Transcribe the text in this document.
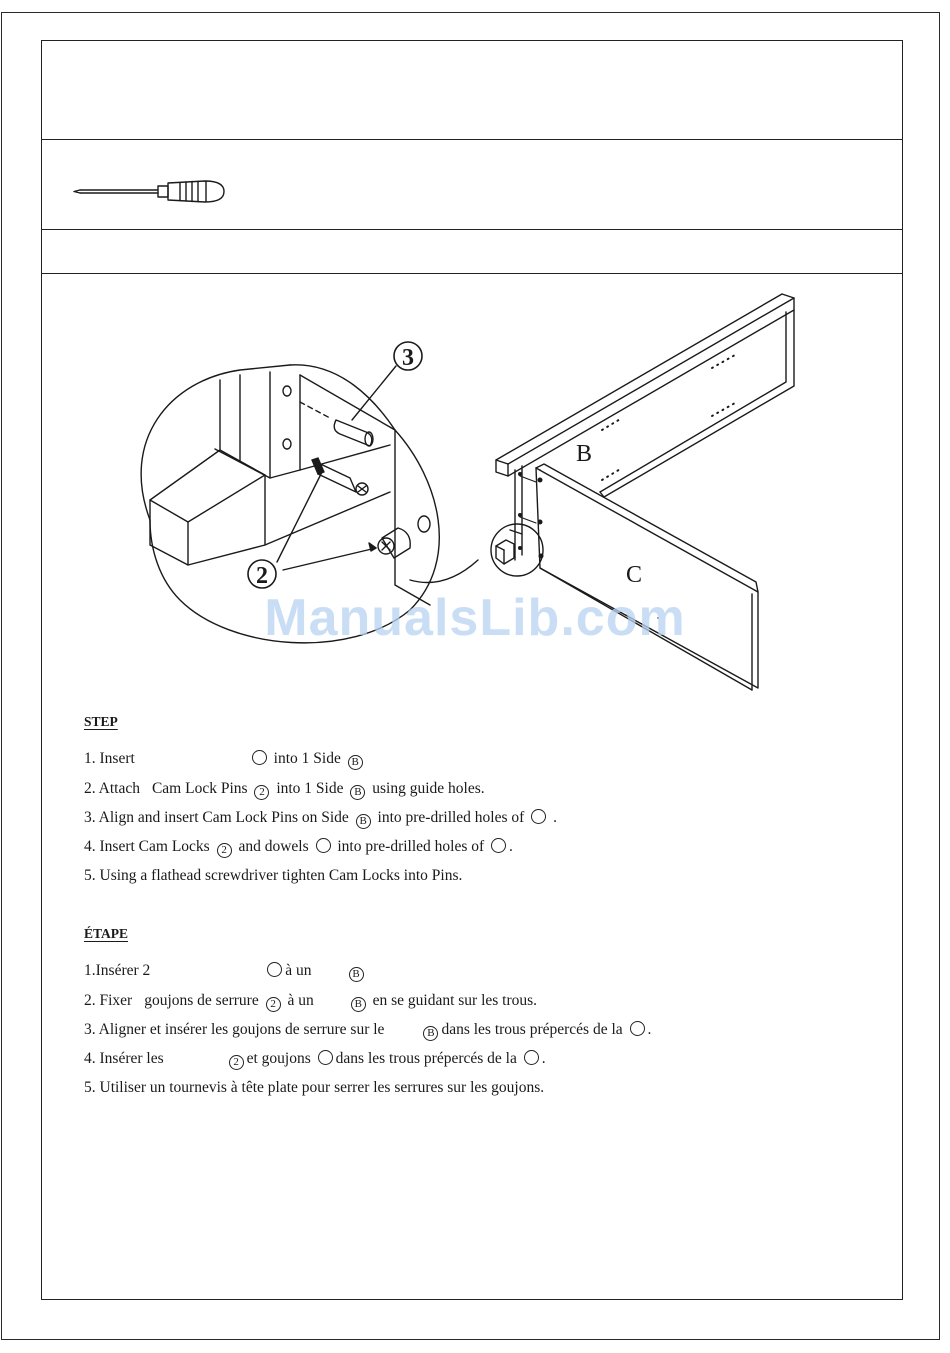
3
2
B
C
ManualsLib.com
STEP
1. Insert	into 1 Side B
2. Attach Cam Lock Pins 2 into 1 Side B using guide holes.
3. Align and insert Cam Lock Pins on Side B into pre-drilled holes of .
4. Insert Cam Locks 2 and dowels into pre-drilled holes of .
5. Using a flathead screwdriver tighten Cam Locks into Pins.
ÉTAPE
1.Insérer 2	à un	B
2. Fixer goujons de serrure 2 à un	B en se guidant sur les trous.
3. Aligner et insérer les goujons de serrure sur le	B dans les trous prépercés de la .
4. Insérer les	2 et goujons dans les trous prépercés de la .
5. Utiliser un tournevis à tête plate pour serrer les serrures sur les goujons.
